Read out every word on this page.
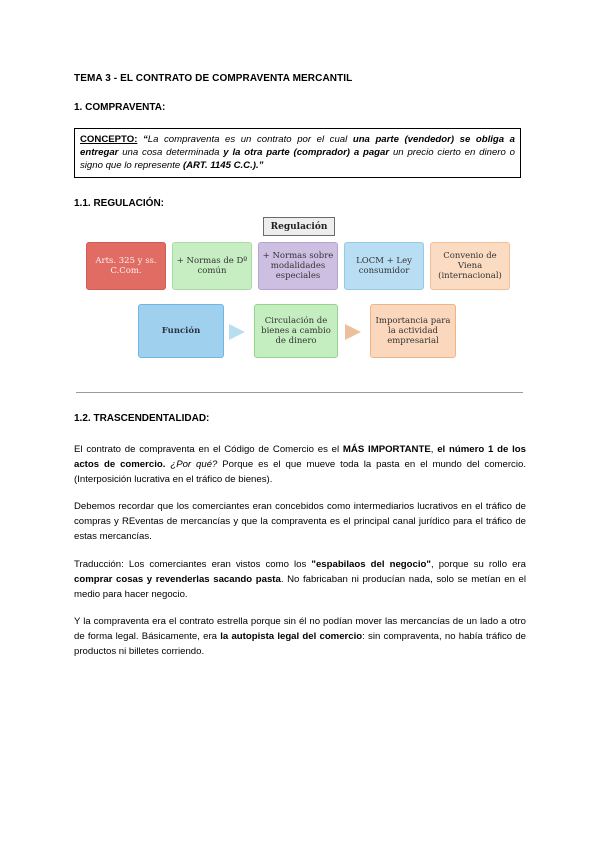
TEMA 3 - EL CONTRATO DE COMPRAVENTA MERCANTIL
1. COMPRAVENTA:
CONCEPTO: “La compraventa es un contrato por el cual una parte (vendedor) se obliga a entregar una cosa determinada y la otra parte (comprador) a pagar un precio cierto en dinero o signo que lo represente (ART. 1145 C.C.).”
1.1. REGULACIÓN:
Regulación
Arts. 325 y ss. C.Com.
+ Normas de Dº común
+ Normas sobre modalidades especiales
LOCM + Ley consumidor
Convenio de Viena (internacional)
Función
Circulación de bienes a cambio de dinero
Importancia para la actividad empresarial
1.2. TRASCENDENTALIDAD:
El contrato de compraventa en el Código de Comercio es el MÁS IMPORTANTE, el número 1 de los actos de comercio. ¿Por qué? Porque es el que mueve toda la pasta en el mundo del comercio. (Interposición lucrativa en el tráfico de bienes).
Debemos recordar que los comerciantes eran concebidos como intermediarios lucrativos en el tráfico de compras y REventas de mercancías y que la compraventa es el principal canal jurídico para el tráfico de estas mercancías.
Traducción: Los comerciantes eran vistos como los "espabilaos del negocio", porque su rollo era comprar cosas y revenderlas sacando pasta. No fabricaban ni producían nada, solo se metían en el medio para hacer negocio.
Y la compraventa era el contrato estrella porque sin él no podían mover las mercancías de un lado a otro de forma legal. Básicamente, era la autopista legal del comercio: sin compraventa, no había tráfico de productos ni billetes corriendo.
